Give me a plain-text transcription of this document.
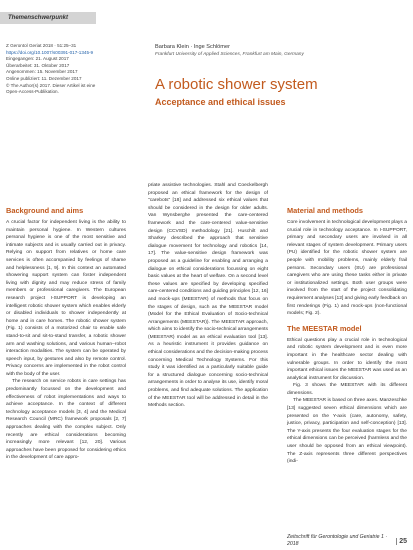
Themenschwerpunkt
Z Gerontol Geriat 2018 · 51:25–31
https://doi.org/10.1007/s00391-017-1345-9
Eingegangen: 21. August 2017
Überarbeitet: 31. Oktober 2017
Angenommen: 15. November 2017
Online publiziert: 11. Dezember 2017
© The Author(s) 2017. Dieser Artikel ist eine
Open-Access-Publikation.
Barbara Klein · Inge Schlömer
Frankfurt University of Applied Sciences, Frankfurt am Main, Germany
A robotic shower system
Acceptance and ethical issues
Background and aims

A crucial factor for independent living is the ability to maintain personal hygiene. In Western cultures personal hygiene is one of the most sensitive and intimate subjects and is usually carried out in privacy. Relying on support from relatives or home care services is often accompanied by feelings of shame and helplessness [1, 9]. In this context an automated showering support system can foster independent living with dignity and may reduce stress of family members or professional caregivers. The European research project I-SUPPORT is developing an intelligent robotic shower system which enables elderly or disabled individuals to shower independently at home and in care homes. The robotic shower system (Fig. 1) consists of a motorized chair to enable safe stand-to-sit and sit-to-stand transfer, a robotic shower arm and washing solutions, and various human–robot interaction modalities. The system can be operated by speech input, by gestures and also by remote control. Privacy concerns are implemented in the robot control with the body of the user.

The research on service robots in care settings has predominantly focussed on the development and effectiveness of robot implementations and ways to achieve acceptance. In the context of different technology acceptance models [3, 4] and the Medical Research Council (MRC) framework proposals [2, 7] approaches dealing with the complex subject. Only recently are ethical considerations becoming increasingly more relevant [12, 20]. Various approaches have been proposed for considering ethics in the development of care appro-

priate assistive technologies. Stahl and Coeckelbergh proposed an ethical framework for the design of "carebots" [18] and addressed six ethical values that should be considered in the design for older adults. Van Wynsberghe presented the care-centered framework and the care-centered value-sensitive design (CCVSD) methodology [21]. Huschilt and Sharkey described the approach that sensitive dialogue movement for technology and robotics [14, 17]. The value-sensitive design framework was proposed as a guideline for enabling and arranging a dialogue on ethical considerations focussing on eight basic values at the heart of welfare. On a second level these values are specified by developing specified care-centered conditions and guiding principles [12, 16] and mock-ups (MEESTAR) of methods that focus on the stages of design, such as the MEESTAR model (Model for the Ethical Evaluation of Socio-technical Arrangements (MEESTAR)). The MEESTAR approach, which aims to identify the socio-technical arrangements (MEESTAR) model as an ethical evaluation tool [13]. As a heuristic instrument it provides guidance on ethical considerations and the decision-making process concerning Medical Technology Systems. For this study it was identified as a particularly suitable guide for a structured dialogue concerning socio-technical arrangements in order to analyse its use, identify moral problems, and find adequate solutions. The application of the MEESTAR tool will be addressed in detail in the Methods section.

Material and methods

Core involvement in technological development plays a crucial role in technology acceptance. In I-SUPPORT, primary and secondary users are involved in all relevant stages of system development. Primary users (PU) identified for the robotic shower system are people with mobility problems, mainly elderly frail persons. Secondary users (SU) are professional caregivers who are using these tasks either in private or institutionalized settings. Both user groups were involved from the start of the project consolidating requirement analyses [12] and giving early feedback on first renderings (Fig. 1) and mock-ups (non-functional models; Fig. 2).

The MEESTAR model

Ethical questions play a crucial role in technological and robotic system development and is even more important in the healthcare sector dealing with vulnerable groups. In order to identify the most important ethical issues the MEESTAR was used as an analytical instrument for discussion.

Fig. 3 shows the MEESTAR with its different dimensions.

The MEESTAR is based on three axes. Manzeschke [13] suggested seven ethical dimensions which are presented on the Y-axis (care, autonomy, safety, justice, privacy, participation and self-conception) [13]. The Y-axis presents the four evaluation stages for the ethical dimensions can be perceived (harmless and the user should be opposed from an ethical viewpoint). The Z-axis represents three different perspectives (indi-

Zeitschrift für Gerontologie und Geriatrie 1 · 2018	25
